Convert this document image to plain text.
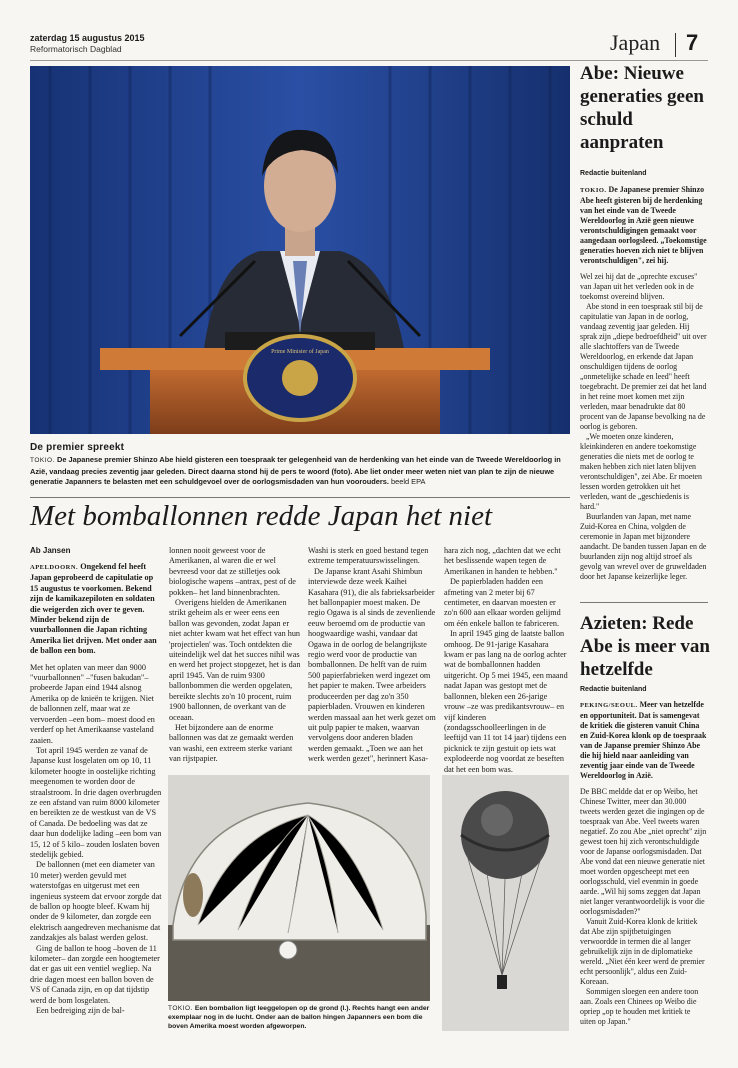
zaterdag 15 augustus 2015
Reformatorisch Dagblad	Japan 7
Prime Minister of Japan
De premier spreekt
TOKIO. De Japanese premier Shinzo Abe hield gisteren een toespraak ter gelegenheid van de herdenking van het einde van de Tweede Wereldoorlog in Azië, vandaag precies zeventig jaar geleden. Direct daarna stond hij de pers te woord (foto). Abe liet onder meer weten niet van plan te zijn de nieuwe generatie Japanners te belasten met een schuldgevoel over de oorlogsmisdaden van hun voorouders. beeld EPA
Met bomballonnen redde Japan het niet
Ab Jansen

APELDOORN. Ongekend fel heeft Japan geprobeerd de capitulatie op 15 augustus te voorkomen. Bekend zijn de kamikazepiloten en soldaten die weigerden zich over te geven. Minder bekend zijn de vuurballonnen die Japan richting Amerika liet drijven. Met onder aan de ballon een bom.

Met het oplaten van meer dan 9000 "vuurballonnen" –"fusen bakudan"– probeerde Japan eind 1944 alsnog Amerika op de knieën te krijgen. Niet de ballonnen zelf, maar wat ze vervoerden –een bom– moest dood en verderf op het Amerikaanse vasteland zaaien.

Tot april 1945 werden ze vanaf de Japanse kust losgelaten om op 10, 11 kilometer hoogte in oostelijke richting meegenomen te worden door de straalstroom. In drie dagen overbrugden ze een afstand van ruim 8000 kilometer en bereikten ze de westkust van de VS of Canada. De bedoeling was dat ze daar hun dodelijke lading –een bom van 15, 12 of 5 kilo– zouden loslaten boven stedelijk gebied.

De ballonnen (met een diameter van 10 meter) werden gevuld met waterstofgas en uitgerust met een ingenieus systeem dat ervoor zorgde dat de ballon op hoogte bleef. Kwam hij onder de 9 kilometer, dan zorgde een elektrisch aangedreven mechanisme dat zandzakjes als balast werden gelost.

Ging de ballon te hoog –boven de 11 kilometer– dan zorgde een hoogtemeter dat er gas uit een ventiel wegliep. Na drie dagen moest een ballon boven de VS of Canada zijn, en op dat tijdstip werd de bom losgelaten.

Een bedreiging zijn de bal-

lonnen nooit geweest voor de Amerikanen, al waren die er wel bevreesd voor dat ze stilletjes ook biologische wapens –antrax, pest of de pokken– het land binnenbrachten.

Overigens hielden de Amerikanen strikt geheim als er weer eens een ballon was gevonden, zodat Japan er niet achter kwam wat het effect van hun 'projectielen' was. Toch ontdekten die uiteindelijk wel dat het succes nihil was en werd het project stopgezet, het is dan april 1945. Van de ruim 9300 ballonbommen die werden opgelaten, bereikte slechts zo'n 10 procent, ruim 1900 ballonnen, de overkant van de oceaan.

Het bijzondere aan de enorme ballonnen was dat ze gemaakt werden van washi, een extreem sterke variant van rijstpapier.

Washi is sterk en goed bestand tegen extreme temperatuurswisselingen.

De Japanse krant Asahi Shimbun interviewde deze week Kaihei Kasahara (91), die als fabrieksarbeider het ballonpapier moest maken. De regio Ogawa is al sinds de zevenliende eeuw beroemd om de productie van hoogwaardige washi, vandaar dat Ogawa in de oorlog de belangrijkste regio werd voor de productie van bomballonnen. De helft van de ruim 500 papierfabrieken werd ingezet om het papier te maken. Twee arbeiders produceerden per dag zo'n 350 papierbladen. Vrouwen en kinderen werden massaal aan het werk gezet om uit pulp papier te maken, waarvan vervolgens door anderen bladen werden gemaakt. „Toen we aan het werk werden gezet", herinnert Kasa-

hara zich nog, „dachten dat we echt het beslissende wapen tegen de Amerikanen in handen te hebben."

De papierbladen hadden een afmeting van 2 meter bij 67 centimeter, en daarvan moesten er zo'n 600 aan elkaar worden gelijmd om één enkele ballon te fabriceren.

In april 1945 ging de laatste ballon omhoog. De 91-jarige Kasahara kwam er pas lang na de oorlog achter wat de bomballonnen hadden uitgericht. Op 5 mei 1945, een maand nadat Japan was gestopt met de ballonnen, bleken een 26-jarige vrouw –ze was predikantsvrouw– en vijf kinderen (zondagsschoolleerlingen in de leeftijd van 11 tot 14 jaar) tijdens een picknick te zijn gestuit op iets wat explodeerde nog voordat ze beseften dat het een bom was.

TOKIO. Een bomballon ligt leeggelopen op de grond (l.). Rechts hangt een ander exemplaar nog in de lucht. Onder aan de ballon hingen Japanners een bom die boven Amerika moest worden afgeworpen.
Abe: Nieuwe generaties geen schuld aanpraten
Redactie buitenland

TOKIO. De Japanese premier Shinzo Abe heeft gisteren bij de herdenking van het einde van de Tweede Wereldoorlog in Azië geen nieuwe verontschuldigingen gemaakt voor aangedaan oorlogsleed. „Toekomstige generaties hoeven zich niet te blijven verontschuldigen", zei hij.

Wel zei hij dat de „oprechte excuses" van Japan uit het verleden ook in de toekomst overeind blijven.

Abe stond in een toespraak stil bij de capitulatie van Japan in de oorlog, vandaag zeventig jaar geleden. Hij sprak zijn „diepe bedroefdheid" uit over alle slachtoffers van de Tweede Wereldoorlog, en erkende dat Japan onschuldigen tijdens de oorlog „onmetelijke schade en leed" heeft toegebracht. De premier zei dat het land in het reine moet komen met zijn verleden, maar benadrukte dat 80 procent van de Japanse bevolking na de oorlog is geboren.

„We moeten onze kinderen, kleinkinderen en andere toekomstige generaties die niets met de oorlog te maken hebben zich niet laten blijven verontschuldigen", zei Abe. Er moeten lessen worden getrokken uit het verleden, want de „geschiedenis is hard."

Buurlanden van Japan, met name Zuid-Korea en China, volgden de ceremonie in Japan met bijzondere aandacht. De banden tussen Japan en de buurlanden zijn nog altijd stroef als gevolg van wrevel over de gruweldaden door het Japanse keizerlijke leger.

Azieten: Rede Abe is meer van hetzelfde
Redactie buitenland

PEKING/SEOUL. Meer van hetzelfde en opportuniteit. Dat is samengevat de kritiek die gisteren vanuit China en Zuid-Korea klonk op de toespraak van de Japanse premier Shinzo Abe die hij hield naar aanleiding van zeventig jaar einde van de Tweede Wereldoorlog in Azië.

De BBC meldde dat er op Weibo, het Chinese Twitter, meer dan 30.000 tweets werden gezet die ingingen op de toespraak van Abe. Veel tweets waren negatief. Zo zou Abe „niet oprecht" zijn gewest toen hij zich verontschuldigde voor de Japanse oorlogsmisdaden. Dat Abe vond dat een nieuwe generatie niet moet worden opgescheept met een oorlogsschuld, viel evenmin in goede aarde. „Wil hij soms zeggen dat Japan niet langer verantwoordelijk is voor die oorlogsmisdaden?"

Vanuit Zuid-Korea klonk de kritiek dat Abe zijn spijtbetuigingen verwoordde in termen die al langer gebruikelijk zijn in de diplomatieke wereld. „Niet één keer werd de premier echt persoonlijk", aldus een Zuid-Koreaan.

Sommigen sloegen een andere toon aan. Zoals een Chinees op Weibo die opriep „op te houden met kritiek te uiten op Japan."
